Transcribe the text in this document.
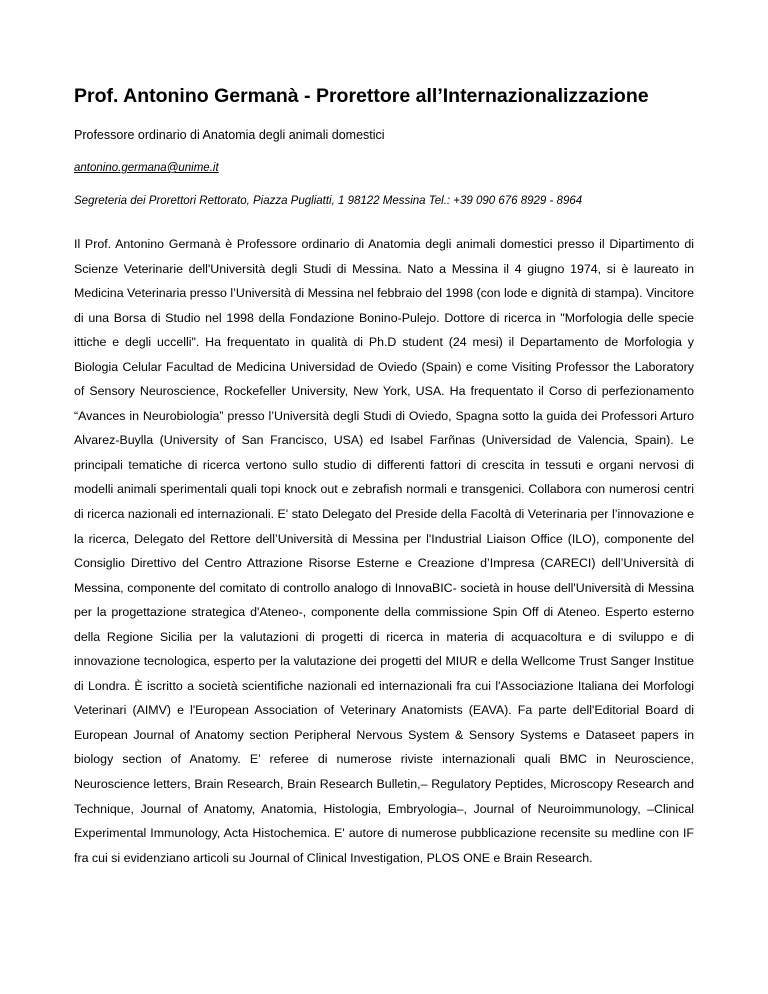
Prof. Antonino Germanà - Prorettore all’Internazionalizzazione

Professore ordinario di Anatomia degli animali domestici

antonino.germana@unime.it

Segreteria dei Prorettori Rettorato, Piazza Pugliatti, 1 98122 Messina Tel.: +39 090 676 8929 - 8964

Il Prof. Antonino Germanà è Professore ordinario di Anatomia degli animali domestici presso il Dipartimento di Scienze Veterinarie dell'Università degli Studi di Messina. Nato a Messina il 4 giugno 1974, si è laureato in Medicina Veterinaria presso l’Università di Messina nel febbraio del 1998 (con lode e dignità di stampa). Vincitore di una Borsa di Studio nel 1998 della Fondazione Bonino-Pulejo. Dottore di ricerca in "Morfologia delle specie ittiche e degli uccelli". Ha frequentato in qualità di Ph.D student (24 mesi) il Departamento de Morfologia y Biologia Celular Facultad de Medicina Universidad de Oviedo (Spain) e come Visiting Professor the Laboratory of Sensory Neuroscience, Rockefeller University, New York, USA. Ha frequentato il Corso di perfezionamento “Avances in Neurobiologia” presso l’Università degli Studi di Oviedo, Spagna sotto la guida dei Professori Arturo Alvarez-Buylla (University of San Francisco, USA) ed Isabel Farñnas (Universidad de Valencia, Spain). Le principali tematiche di ricerca vertono sullo studio di differenti fattori di crescita in tessuti e organi nervosi di modelli animali sperimentali quali topi knock out e zebrafish normali e transgenici. Collabora con numerosi centri di ricerca nazionali ed internazionali. E' stato Delegato del Preside della Facoltà di Veterinaria per l’innovazione e la ricerca, Delegato del Rettore dell’Università di Messina per l'Industrial Liaison Office (ILO), componente del Consiglio Direttivo del Centro Attrazione Risorse Esterne e Creazione d’Impresa (CARECI) dell’Università di Messina, componente del comitato di controllo analogo di InnovaBIC- società in house dell'Università di Messina per la progettazione strategica d'Ateneo-, componente della commissione Spin Off di Ateneo. Esperto esterno della Regione Sicilia per la valutazioni di progetti di ricerca in materia di acquacoltura e di sviluppo e di innovazione tecnologica, esperto per la valutazione dei progetti del MIUR e della Wellcome Trust Sanger Institue di Londra. È iscritto a società scientifiche nazionali ed internazionali fra cui l'Associazione Italiana dei Morfologi Veterinari (AIMV) e l'European Association of Veterinary Anatomists (EAVA). Fa parte dell'Editorial Board di European Journal of Anatomy section Peripheral Nervous System & Sensory Systems e Dataseet papers in biology section of Anatomy. E’ referee di numerose riviste internazionali quali BMC in Neuroscience, Neuroscience letters, Brain Research, Brain Research Bulletin,– Regulatory Peptides, Microscopy Research and Technique, Journal of Anatomy, Anatomia, Histologia, Embryologia–, Journal of Neuroimmunology, –Clinical Experimental Immunology, Acta Histochemica. E' autore di numerose pubblicazione recensite su medline con IF fra cui si evidenziano articoli su Journal of Clinical Investigation, PLOS ONE e Brain Research.
